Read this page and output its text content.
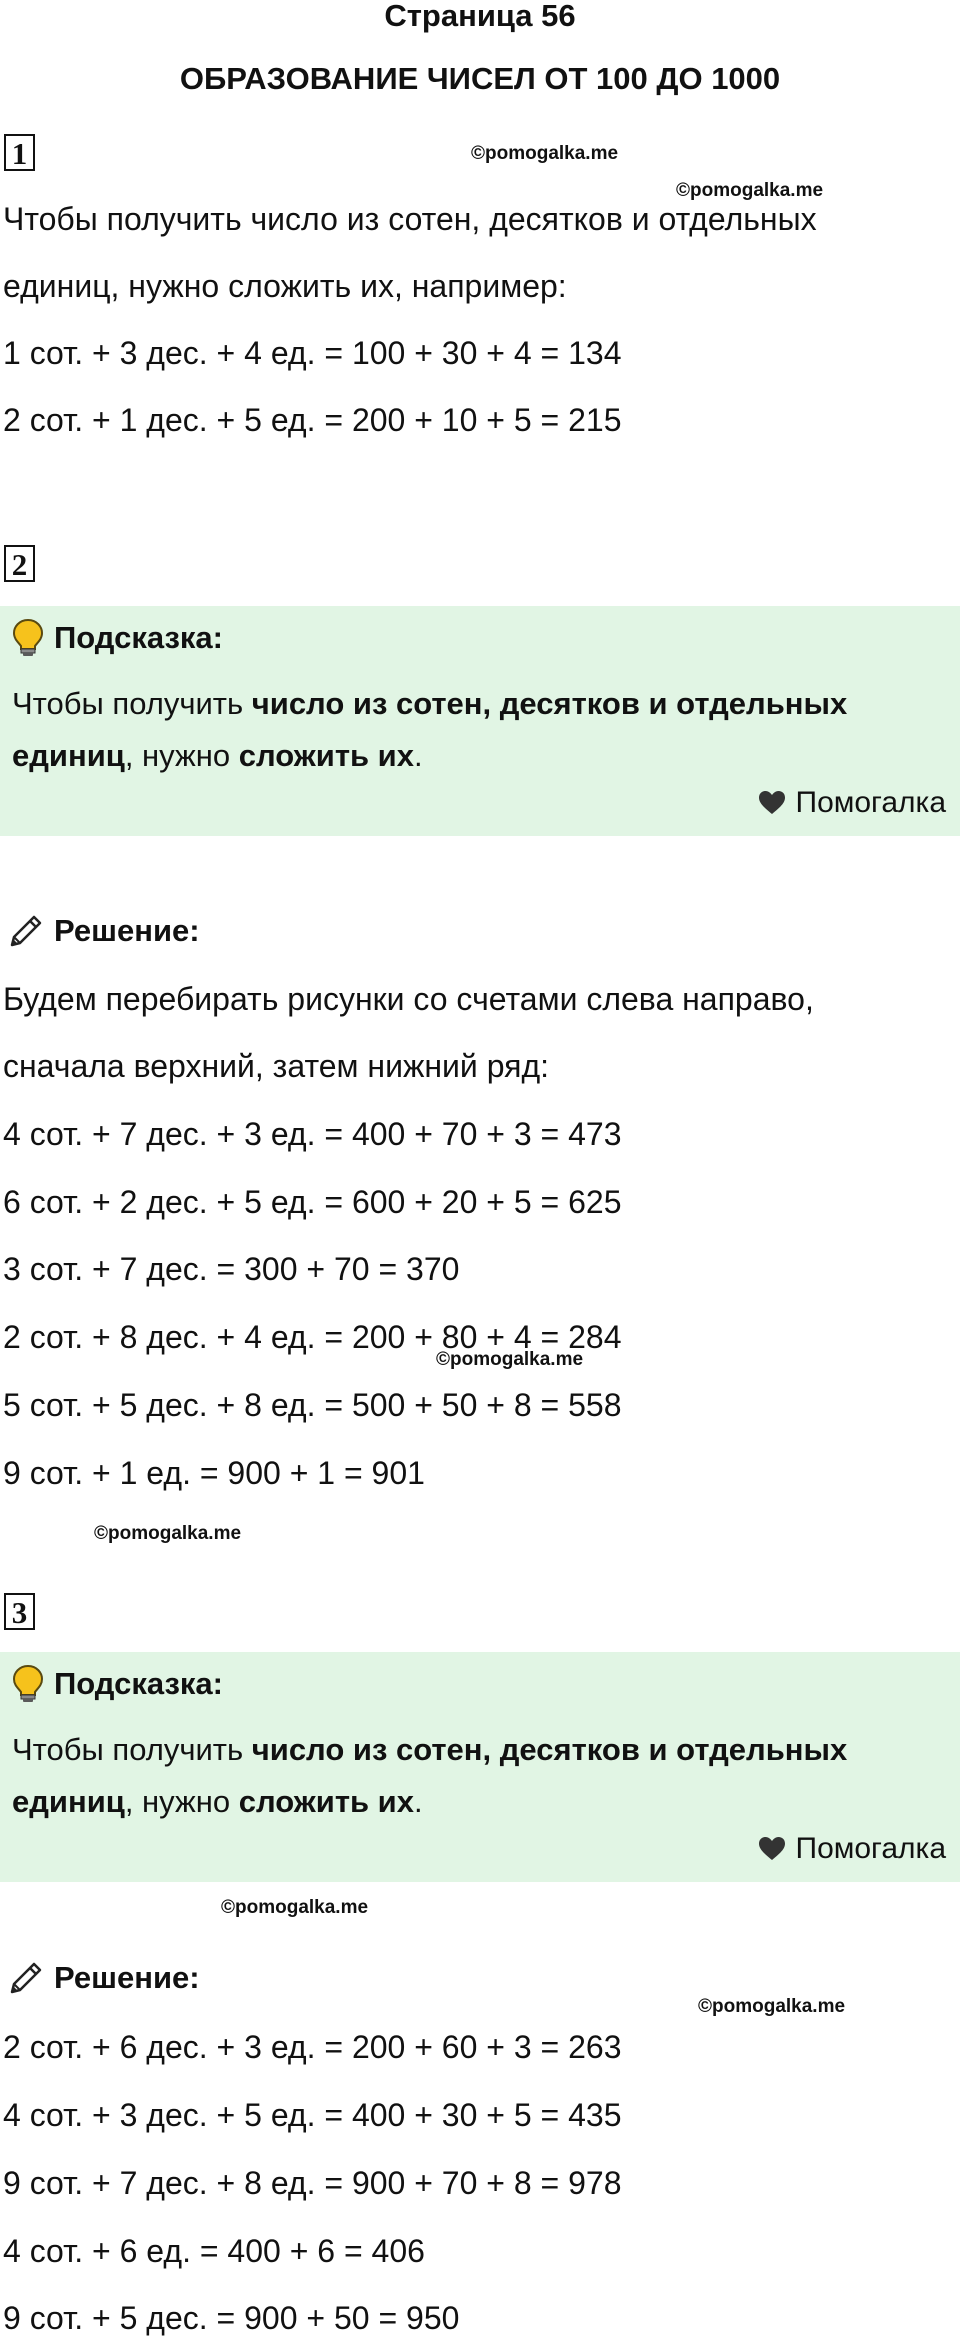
Страница 56
ОБРАЗОВАНИЕ ЧИСЕЛ ОТ 100 ДО 1000
1	©pomogalka.me
©pomogalka.me
Чтобы получить число из сотен, десятков и отдельных
единиц, нужно сложить их, например:
1 сот. + 3 дес. + 4 ед. = 100 + 30 + 4 = 134
2 сот. + 1 дес. + 5 ед. = 200 + 10 + 5 = 215
2
Подсказка:
Чтобы получить число из сотен, десятков и отдельных единиц, нужно сложить их.
Помогалка
Решение:
Будем перебирать рисунки со счетами слева направо,
сначала верхний, затем нижний ряд:
4 сот. + 7 дес. + 3 ед. = 400 + 70 + 3 = 473
6 сот. + 2 дес. + 5 ед. = 600 + 20 + 5 = 625
3 сот. + 7 дес. = 300 + 70 = 370
2 сот. + 8 дес. + 4 ед. = 200 + 80 + 4 = 284
©pomogalka.me
5 сот. + 5 дес. + 8 ед. = 500 + 50 + 8 = 558
9 сот. + 1 ед. = 900 + 1 = 901
©pomogalka.me
3
Подсказка:
Чтобы получить число из сотен, десятков и отдельных единиц, нужно сложить их.
Помогалка
©pomogalka.me
Решение:
©pomogalka.me
2 сот. + 6 дес. + 3 ед. = 200 + 60 + 3 = 263
4 сот. + 3 дес. + 5 ед. = 400 + 30 + 5 = 435
9 сот. + 7 дес. + 8 ед. = 900 + 70 + 8 = 978
4 сот. + 6 ед. = 400 + 6 = 406
9 сот. + 5 дес. = 900 + 50 = 950
